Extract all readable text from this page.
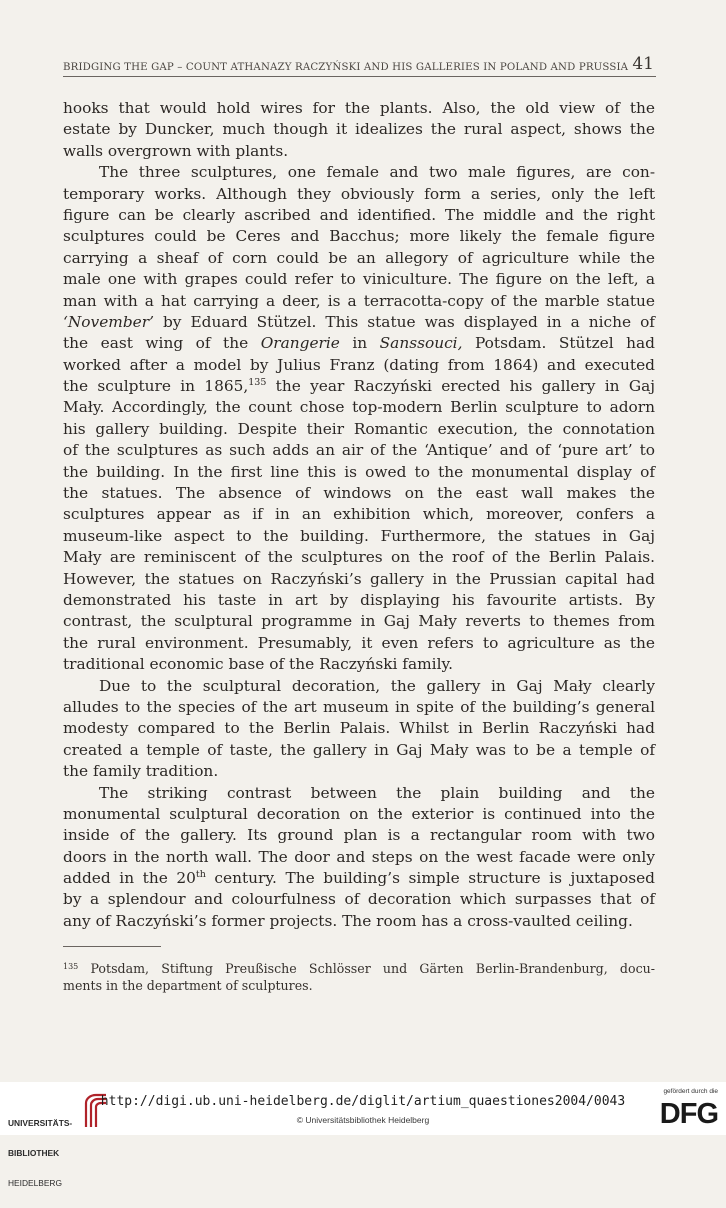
BRIDGING THE GAP – COUNT ATHANAZY RACZYŃSKI AND HIS GALLERIES IN POLAND AND PRUSSIA 41
hooks that would hold wires for the plants. Also, the old view of the
estate by Duncker, much though it idealizes the rural aspect, shows the
walls overgrown with plants.
The three sculptures, one female and two male figures, are con-
temporary works. Although they obviously form a series, only the left
figure can be clearly ascribed and identified. The middle and the right
sculptures could be Ceres and Bacchus; more likely the female figure
carrying a sheaf of corn could be an allegory of agriculture while the
male one with grapes could refer to viniculture. The figure on the left, a
man with a hat carrying a deer, is a terracotta-copy of the marble statue
‘November’ by Eduard Stützel. This statue was displayed in a niche of
the east wing of the Orangerie in Sanssouci, Potsdam. Stützel had
worked after a model by Julius Franz (dating from 1864) and executed
the sculpture in 1865,$^{135}$ the year Raczyński erected his gallery in Gaj
Mały. Accordingly, the count chose top-modern Berlin sculpture to adorn
his gallery building. Despite their Romantic execution, the connotation
of the sculptures as such adds an air of the ‘Antique’ and of ‘pure art’ to
the building. In the first line this is owed to the monumental display of
the statues. The absence of windows on the east wall makes the
sculptures appear as if in an exhibition which, moreover, confers a
museum-like aspect to the building. Furthermore, the statues in Gaj
Mały are reminiscent of the sculptures on the roof of the Berlin Palais.
However, the statues on Raczyński’s gallery in the Prussian capital had
demonstrated his taste in art by displaying his favourite artists. By
contrast, the sculptural programme in Gaj Mały reverts to themes from
the rural environment. Presumably, it even refers to agriculture as the
traditional economic base of the Raczyński family.
Due to the sculptural decoration, the gallery in Gaj Mały clearly
alludes to the species of the art museum in spite of the building’s general
modesty compared to the Berlin Palais. Whilst in Berlin Raczyński had
created a temple of taste, the gallery in Gaj Mały was to be a temple of
the family tradition.
The striking contrast between the plain building and the
monumental sculptural decoration on the exterior is continued into the
inside of the gallery. Its ground plan is a rectangular room with two
doors in the north wall. The door and steps on the west facade were only
added in the 20th century. The building’s simple structure is juxtaposed
by a splendour and colourfulness of decoration which surpasses that of
any of Raczyński’s former projects. The room has a cross-vaulted ceiling.
$^{135}$ Potsdam, Stiftung Preußische Schlösser und Gärten Berlin-Brandenburg, docu-
ments in the department of sculptures.

UNIVERSITÄTS-

BIBLIOTHEK

HEIDELBERG

http://digi.ub.uni-heidelberg.de/diglit/artium_quaestiones2004/0043
© Universitätsbibliothek Heidelberg
gefördert durch die
DFG
